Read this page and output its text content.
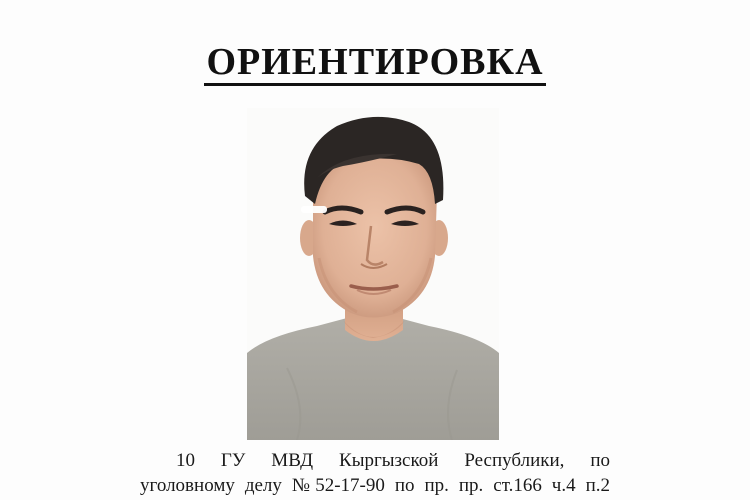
ОРИЕНТИРОВКА
10 ГУ МВД Кыргызской Республики, по
уголовному делу №52-17-90 по пр. пр. ст.166 ч.4 п.2
